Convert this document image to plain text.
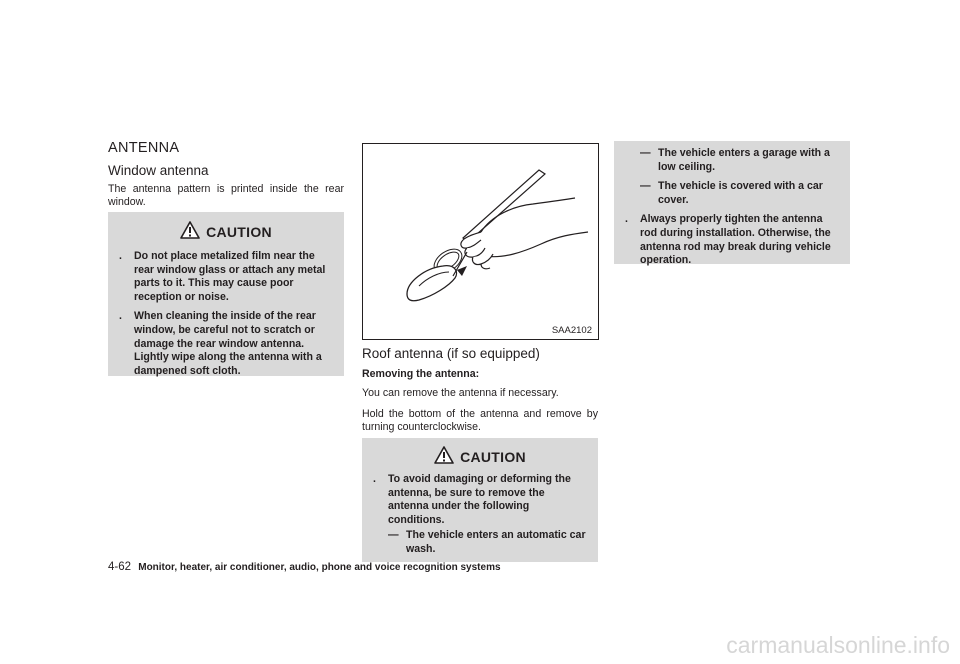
ANTENNA
Window antenna
The antenna pattern is printed inside the rear window.
CAUTION
. Do not place metalized film near the rear window glass or attach any metal parts to it. This may cause poor reception or noise.
. When cleaning the inside of the rear window, be careful not to scratch or damage the rear window antenna. Lightly wipe along the antenna with a dampened soft cloth.
SAA2102
Roof antenna (if so equipped)
Removing the antenna:
You can remove the antenna if necessary.
Hold the bottom of the antenna and remove by turning counterclockwise.
CAUTION
. To avoid damaging or deforming the antenna, be sure to remove the antenna under the following conditions.
— The vehicle enters an automatic car wash.
— The vehicle enters a garage with a low ceiling.
— The vehicle is covered with a car cover.
. Always properly tighten the antenna rod during installation. Otherwise, the antenna rod may break during vehicle operation.
4-62 Monitor, heater, air conditioner, audio, phone and voice recognition systems
carmanualsonline.info
